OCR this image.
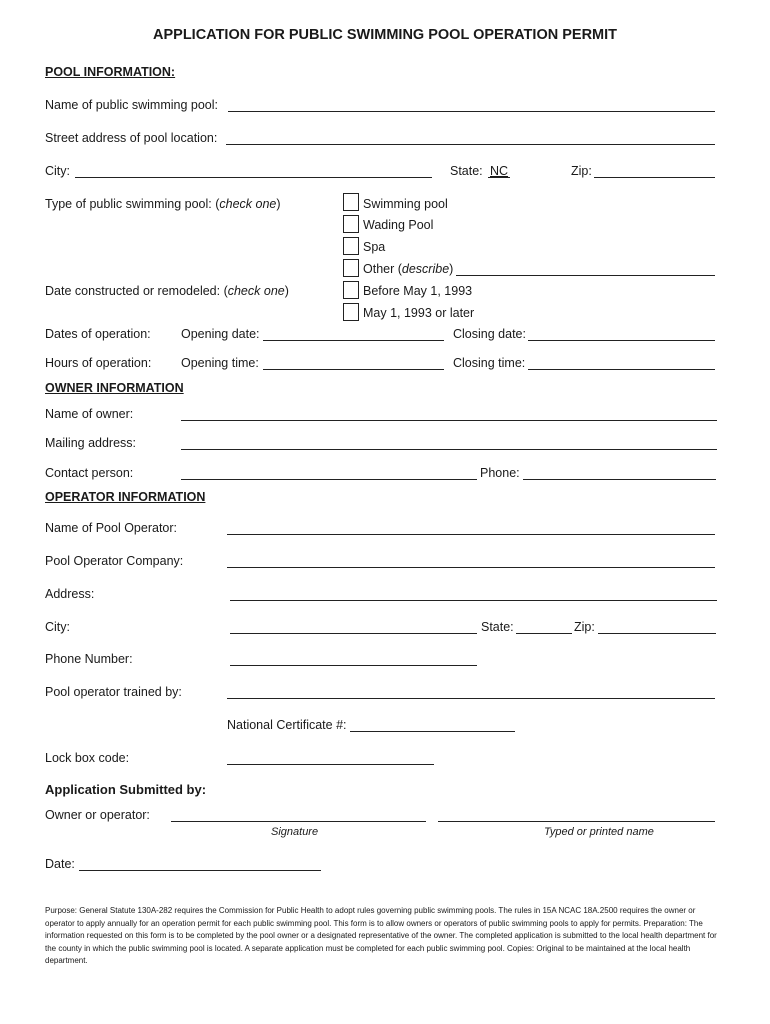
APPLICATION FOR PUBLIC SWIMMING POOL OPERATION PERMIT
POOL INFORMATION:
Name of public swimming pool:
Street address of pool location:
City:	State: NC	Zip:
Type of public swimming pool: (check one)	Swimming pool
Wading Pool
Spa
Other (describe)
Date constructed or remodeled: (check one)	Before May 1, 1993
May 1, 1993 or later
Dates of operation: Opening date:	Closing date:
Hours of operation: Opening time:	Closing time:
OWNER INFORMATION
Name of owner:
Mailing address:
Contact person:	Phone:
OPERATOR INFORMATION
Name of Pool Operator:
Pool Operator Company:
Address:
City:	State:	Zip:
Phone Number:
Pool operator trained by:
National Certificate #:
Lock box code:
Application Submitted by:
Owner or operator:
Signature	Typed or printed name
Date:
Purpose: General Statute 130A-282 requires the Commission for Public Health to adopt rules governing public swimming pools. The rules in 15A NCAC 18A.2500 requires the owner or operator to apply annually for an operation permit for each public swimming pool. This form is to allow owners or operators of public swimming pools to apply for permits. Preparation: The information requested on this form is to be completed by the pool owner or a designated representative of the owner. The completed application is submitted to the local health department for the county in which the public swimming pool is located. A separate application must be completed for each public swimming pool. Copies: Original to be maintained at the local health department.
